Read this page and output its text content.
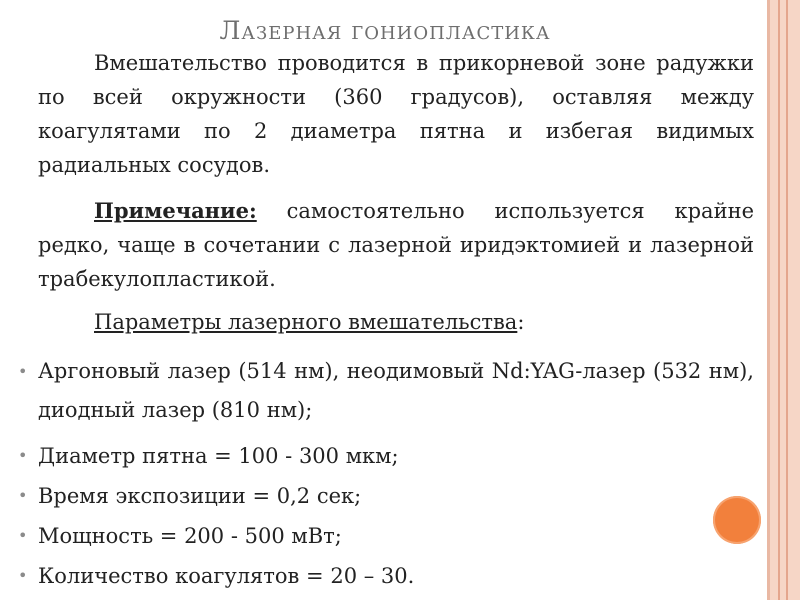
Лазерная гониопластика
Вмешательство проводится в прикорневой зоне радужки по всей окружности (360 градусов), оставляя между коагулятами по 2 диаметра пятна и избегая видимых радиальных сосудов.
Примечание: самостоятельно используется крайне редко, чаще в сочетании с лазерной иридэктомией и лазерной трабекулопластикой.
Параметры лазерного вмешательства:
• Аргоновый лазер (514 нм), неодимовый Nd:YAG-лазер (532 нм), диодный лазер (810 нм);
• Диаметр пятна = 100 - 300 мкм;
• Время экспозиции = 0,2 сек;
• Мощность = 200 - 500 мВт;
• Количество коагулятов = 20 – 30.
